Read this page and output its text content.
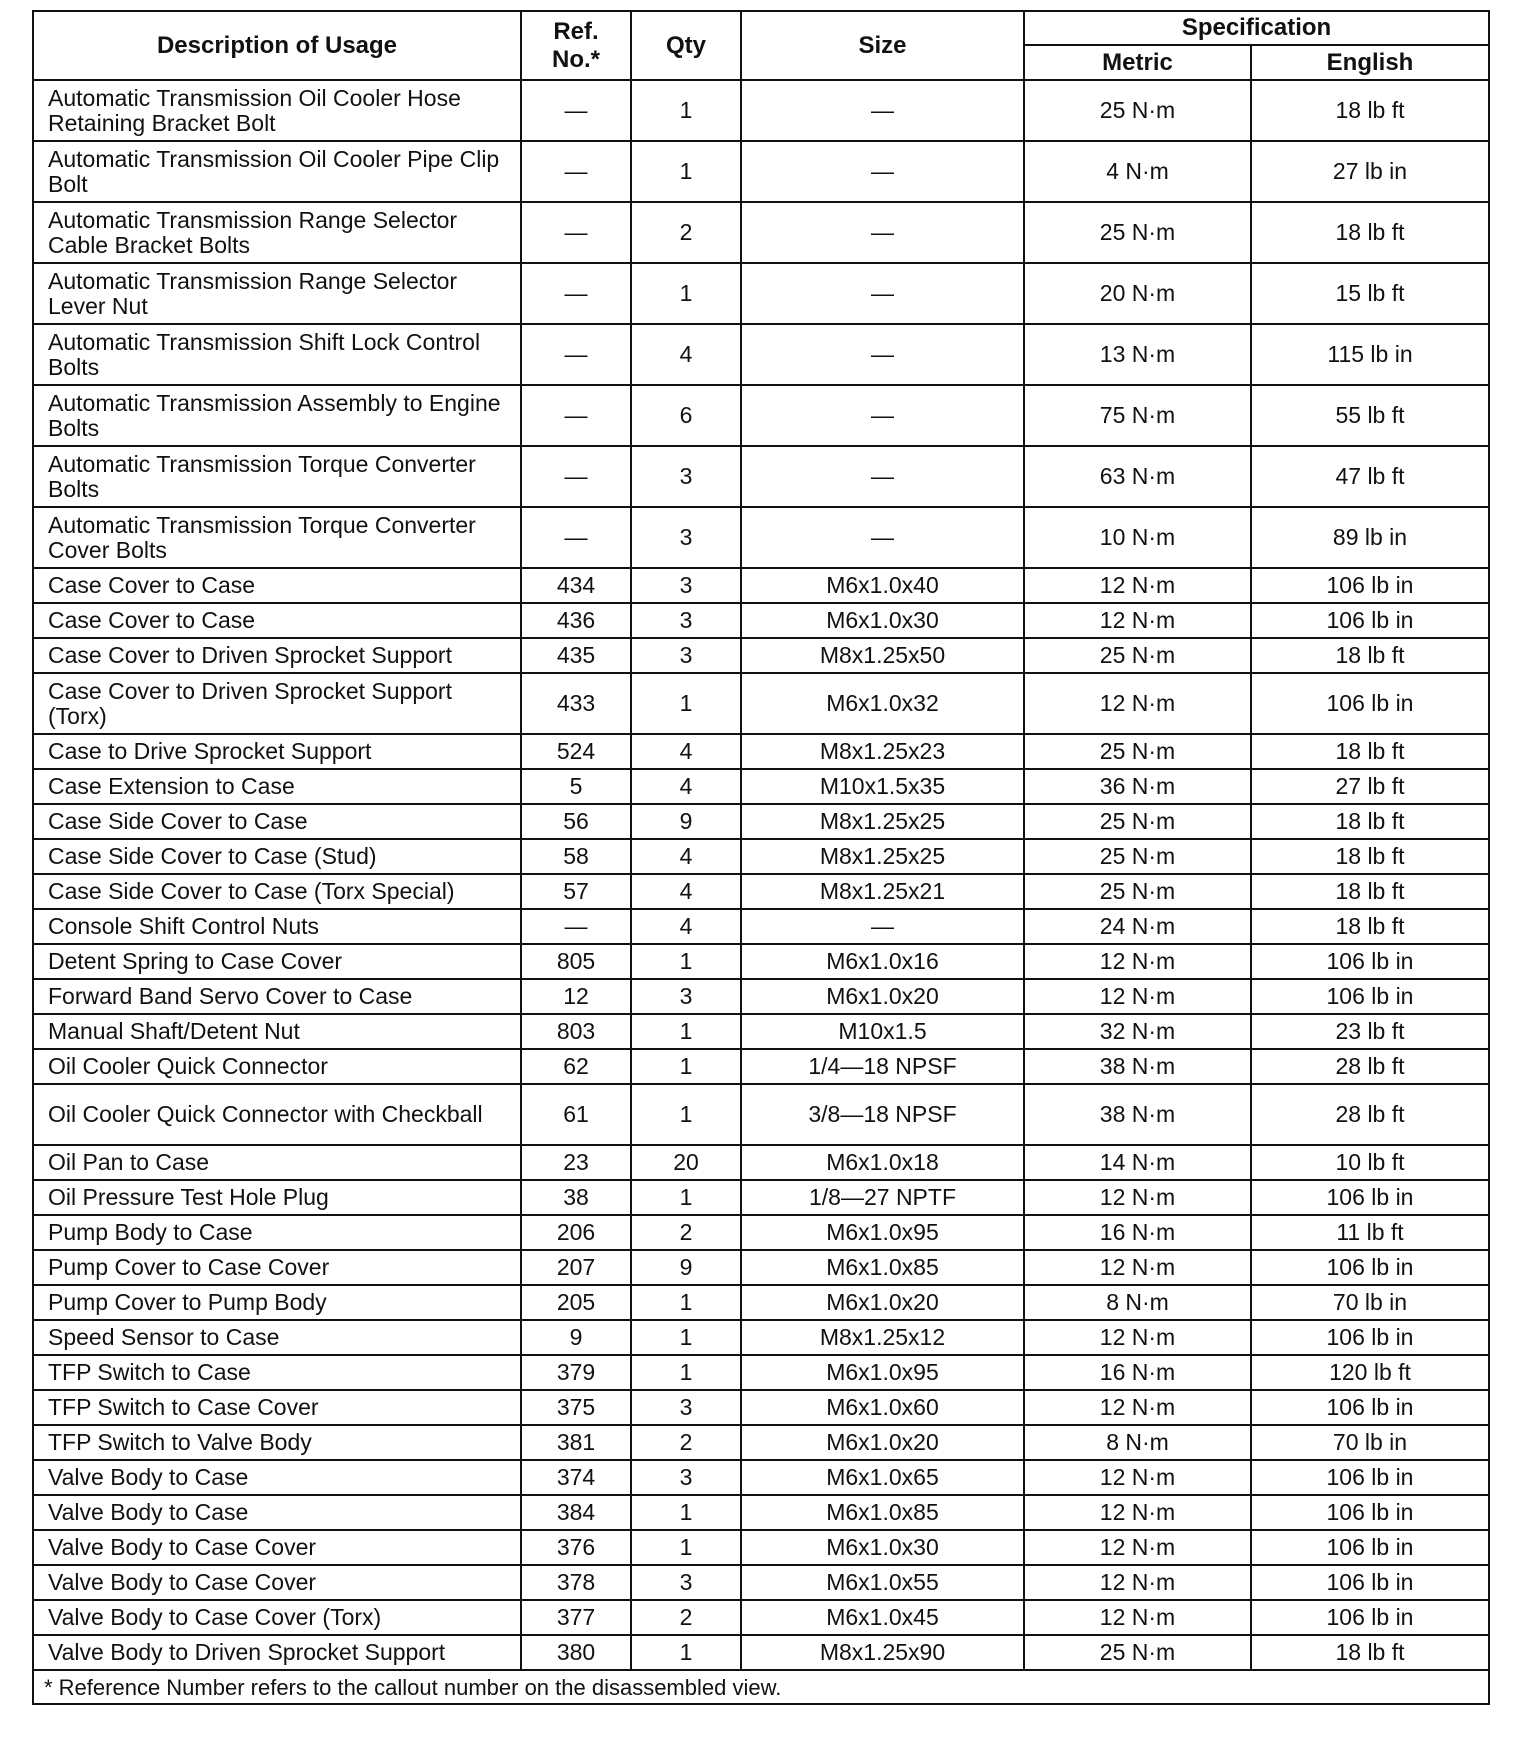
Description of Usage	Ref. No.*	Qty	Size	Specification	
				Metric	English
Automatic Transmission Oil Cooler Hose Retaining Bracket Bolt	—	1	—	25 N·m	18 lb ft
Automatic Transmission Oil Cooler Pipe Clip Bolt	—	1	—	4 N·m	27 lb in
Automatic Transmission Range Selector Cable Bracket Bolts	—	2	—	25 N·m	18 lb ft
Automatic Transmission Range Selector Lever Nut	—	1	—	20 N·m	15 lb ft
Automatic Transmission Shift Lock Control Bolts	—	4	—	13 N·m	115 lb in
Automatic Transmission Assembly to Engine Bolts	—	6	—	75 N·m	55 lb ft
Automatic Transmission Torque Converter Bolts	—	3	—	63 N·m	47 lb ft
Automatic Transmission Torque Converter Cover Bolts	—	3	—	10 N·m	89 lb in
Case Cover to Case	434	3	M6x1.0x40	12 N·m	106 lb in
Case Cover to Case	436	3	M6x1.0x30	12 N·m	106 lb in
Case Cover to Driven Sprocket Support	435	3	M8x1.25x50	25 N·m	18 lb ft
Case Cover to Driven Sprocket Support (Torx)	433	1	M6x1.0x32	12 N·m	106 lb in
Case to Drive Sprocket Support	524	4	M8x1.25x23	25 N·m	18 lb ft
Case Extension to Case	5	4	M10x1.5x35	36 N·m	27 lb ft
Case Side Cover to Case	56	9	M8x1.25x25	25 N·m	18 lb ft
Case Side Cover to Case (Stud)	58	4	M8x1.25x25	25 N·m	18 lb ft
Case Side Cover to Case (Torx Special)	57	4	M8x1.25x21	25 N·m	18 lb ft
Console Shift Control Nuts	—	4	—	24 N·m	18 lb ft
Detent Spring to Case Cover	805	1	M6x1.0x16	12 N·m	106 lb in
Forward Band Servo Cover to Case	12	3	M6x1.0x20	12 N·m	106 lb in
Manual Shaft/Detent Nut	803	1	M10x1.5	32 N·m	23 lb ft
Oil Cooler Quick Connector	62	1	1/4—18 NPSF	38 N·m	28 lb ft
Oil Cooler Quick Connector with Checkball	61	1	3/8—18 NPSF	38 N·m	28 lb ft
Oil Pan to Case	23	20	M6x1.0x18	14 N·m	10 lb ft
Oil Pressure Test Hole Plug	38	1	1/8—27 NPTF	12 N·m	106 lb in
Pump Body to Case	206	2	M6x1.0x95	16 N·m	11 lb ft
Pump Cover to Case Cover	207	9	M6x1.0x85	12 N·m	106 lb in
Pump Cover to Pump Body	205	1	M6x1.0x20	8 N·m	70 lb in
Speed Sensor to Case	9	1	M8x1.25x12	12 N·m	106 lb in
TFP Switch to Case	379	1	M6x1.0x95	16 N·m	120 lb ft
TFP Switch to Case Cover	375	3	M6x1.0x60	12 N·m	106 lb in
TFP Switch to Valve Body	381	2	M6x1.0x20	8 N·m	70 lb in
Valve Body to Case	374	3	M6x1.0x65	12 N·m	106 lb in
Valve Body to Case	384	1	M6x1.0x85	12 N·m	106 lb in
Valve Body to Case Cover	376	1	M6x1.0x30	12 N·m	106 lb in
Valve Body to Case Cover	378	3	M6x1.0x55	12 N·m	106 lb in
Valve Body to Case Cover (Torx)	377	2	M6x1.0x45	12 N·m	106 lb in
Valve Body to Driven Sprocket Support	380	1	M8x1.25x90	25 N·m	18 lb ft
* Reference Number refers to the callout number on the disassembled view.					
